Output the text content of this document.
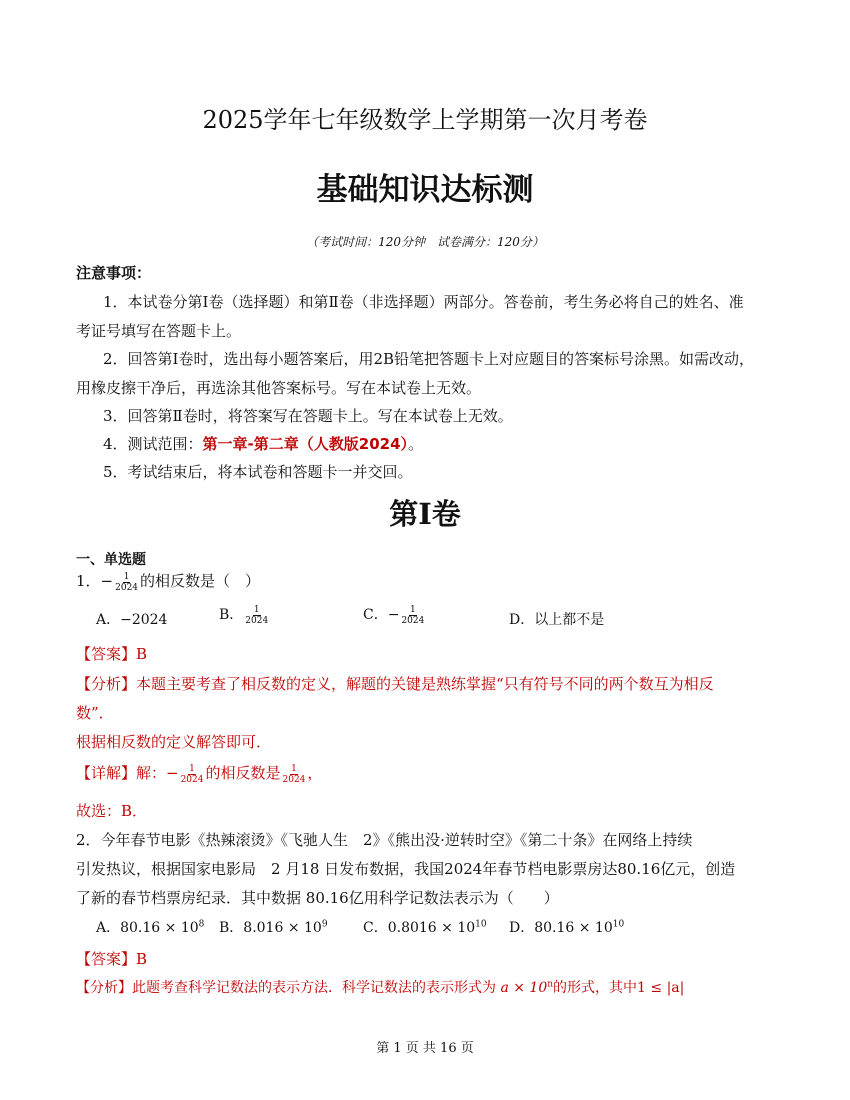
2025学年七年级数学上学期第一次月考卷
基础知识达标测
（考试时间：120分钟　试卷满分：120分）
注意事项：
1．本试卷分第Ⅰ卷（选择题）和第Ⅱ卷（非选择题）两部分。答卷前，考生务必将自己的姓名、准
考证号填写在答题卡上。
2．回答第Ⅰ卷时，选出每小题答案后，用2B铅笔把答题卡上对应题目的答案标号涂黑。如需改动，
用橡皮擦干净后，再选涂其他答案标号。写在本试卷上无效。
3．回答第Ⅱ卷时，将答案写在答题卡上。写在本试卷上无效。
4．测试范围：第一章-第二章（人教版2024）。
5．考试结束后，将本试卷和答题卡一并交回。
第Ⅰ卷
一、单选题
1．− $\frac{1}{2024}$ 的相反数是（　）
A．−2024	B． $\frac{1}{2024}$	C．− $\frac{1}{2024}$	D．以上都不是
【答案】B
【分析】本题主要考查了相反数的定义，解题的关键是熟练掌握“只有符号不同的两个数互为相反
数”．
根据相反数的定义解答即可．
【详解】解：− $\frac{1}{2024}$ 的相反数是 $\frac{1}{2024}$ ，
故选：B．
2．今年春节电影《热辣滚烫》《飞驰人生　2》《熊出没·逆转时空》《第二十条》在网络上持续
引发热议，根据国家电影局　2 月18 日发布数据，我国2024年春节档电影票房达80.16亿元，创造
了新的春节档票房纪录．其中数据 80.16亿用科学记数法表示为（　　）
A．$80.16 \times 10^8$ B．$8.016 \times 10^9$	C．$0.8016 \times 10^{10}$ D．$80.16 \times 10^{10}$
【答案】B
【分析】此题考查科学记数法的表示方法．科学记数法的表示形式为 $a \times 10^n$的形式，其中1 ≤ |a|
第 1 页 共 16 页
